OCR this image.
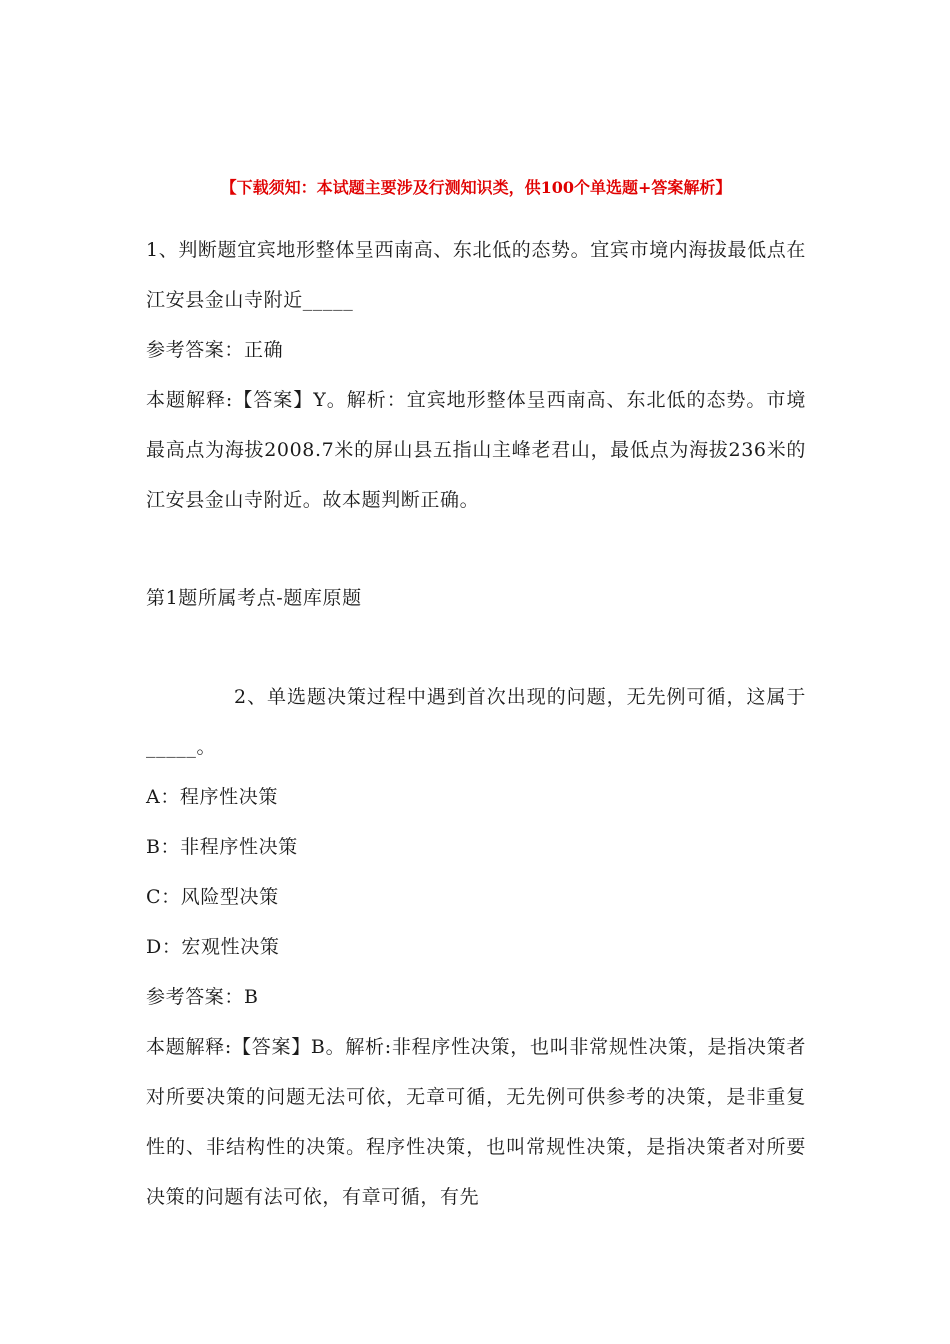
【下载须知：本试题主要涉及行测知识类，供100个单选题+答案解析】

1、判断题宜宾地形整体呈西南高、东北低的态势。宜宾市境内海拔最低点在江安县金山寺附近_____

参考答案：正确

本题解释:【答案】Y。解析：宜宾地形整体呈西南高、东北低的态势。市境最高点为海拔2008.7米的屏山县五指山主峰老君山，最低点为海拔236米的江安县金山寺附近。故本题判断正确。

第1题所属考点-题库原题

2、单选题决策过程中遇到首次出现的问题，无先例可循，这属于_____。

A：程序性决策

B：非程序性决策

C：风险型决策

D：宏观性决策

参考答案：B

本题解释:【答案】B。解析:非程序性决策，也叫非常规性决策，是指决策者对所要决策的问题无法可依，无章可循，无先例可供参考的决策，是非重复性的、非结构性的决策。程序性决策，也叫常规性决策，是指决策者对所要决策的问题有法可依，有章可循，有先
